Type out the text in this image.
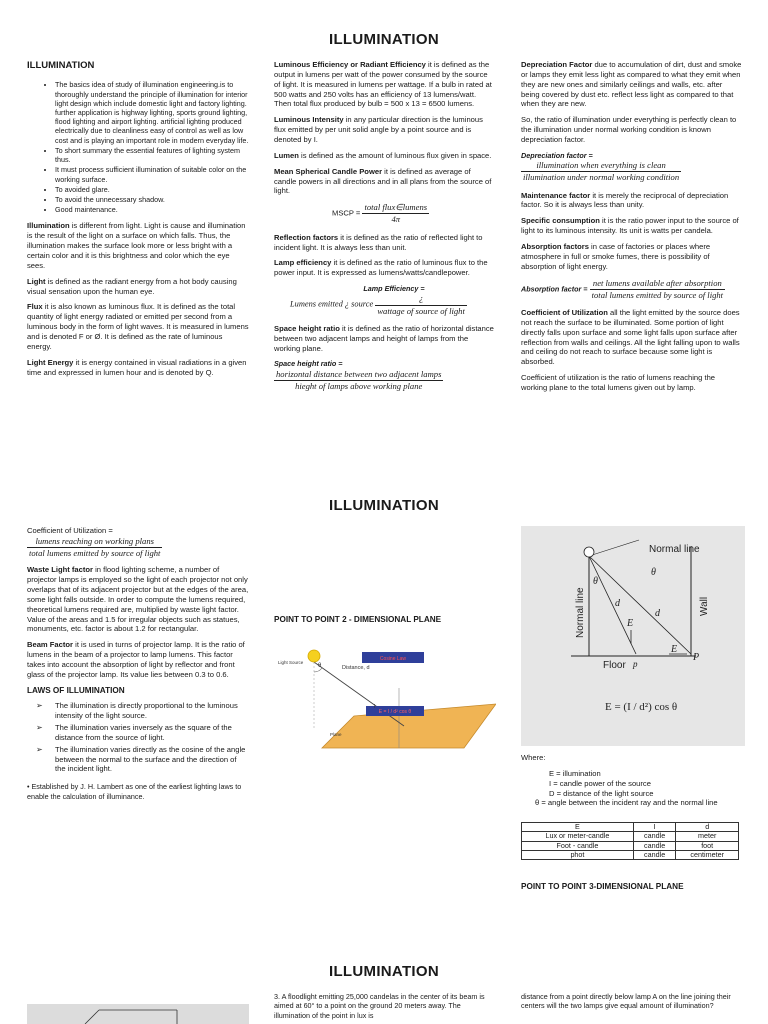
ILLUMINATION
ILLUMINATION
• The basics idea of study of illumination engineering.is to thoroughly understand the principle of illumination for interior light design which include domestic light and factory lighting. further application is highway lighting, sports ground lighting, flood lighting and airport lighting. artificial lighting produced electrically due to cleanliness easy of control as well as low cost and is playing an important role in modern everyday life.
• To short summary the essential features of lighting system thus.
• It must process sufficient illumination of suitable color on the working surface.
• To avoided glare.
• To avoid the unnecessary shadow.
• Good maintenance.

Illumination is different from light. Light is cause and illumination is the result of the light on a surface on which falls. Thus, the illumination makes the surface look more or less bright with a certain color and it is this brightness and color which the eye sees.

Light is defined as the radiant energy from a hot body causing visual sensation upon the human eye.

Flux it is also known as luminous flux. It is defined as the total quantity of light energy radiated or emitted per second from a luminous body in the form of light waves. It is measured in lumens and is denoted F or Ø. It is defined as the rate of luminous energy.

Light Energy it is energy contained in visual radiations in a given time and expressed in lumen hour and is denoted by Q.

Luminous Efficiency or Radiant Efficiency it is defined as the output in lumens per watt of the power consumed by the source of light. It is measured in lumens per wattage. If a bulb in rated at 500 watts and 250 volts has an efficiency of 13 lumens/watt. Then total flux produced by bulb = 500 x 13 = 6500 lumens.

Luminous Intensity in any particular direction is the luminous flux emitted by per unit solid angle by a point source and is denoted by I.

Lumen is defined as the amount of luminous flux given in space.

Mean Spherical Candle Power it is defined as average of candle powers in all directions and in all plans from the source of light.

MSCP = $\frac{\text{total flux∈lumens}}{4\pi}$

Reflection factors it is defined as the ratio of reflected light to incident light. It is always less than unit.

Lamp efficiency it is defined as the ratio of luminous flux to the power input. It is expressed as lumens/watts/candlepower.

Lamp Efficiency =
Lumens emitted ¿ source $\frac{¿}{\text{wattage of source of light}}$

Space height ratio it is defined as the ratio of horizontal distance between two adjacent lamps and height of lamps from the working plane.

Space height ratio =
$\frac{\text{horizontal distance between two adjacent lamps}}{\text{hieght of lamps above working plane}}$

Depreciation Factor due to accumulation of dirt, dust and smoke or lamps they emit less light as compared to what they emit when they are new ones and similarly ceilings and walls, etc. after being covered by dust etc. reflect less light as compared to that when they are new.

So, the ratio of illumination under everything is perfectly clean to the illumination under normal working condition is known depreciation factor.

Depreciation factor =
$\frac{\text{illumination when everything is clean}}{\text{illumination under normal working condition}}$

Maintenance factor it is merely the reciprocal of depreciation factor. So it is always less than unity.

Specific consumption it is the ratio power input to the source of light to its luminous intensity. Its unit is watts per candela.

Absorption factors in case of factories or places where atmosphere in full or smoke fumes, there is possibility of absorption of light energy.

Absorption factor = $\frac{\text{net lumens available after absorption}}{\text{total lumens emitted by source of light}}$

Coefficient of Utilization all the light emitted by the source does not reach the surface to be illuminated. Some portion of light directly falls upon surface and some light falls upon surface after reflection from walls and ceilings. All the light falling upon to walls and ceiling do not reach to surface because some light is absorbed.

Coefficient of utilization is the ratio of lumens reaching the working plane to the total lumens given out by lamp.

ILLUMINATION
Coefficient of Utilization =
$\frac{\text{lumens reaching on working plans}}{\text{total lumens emitted by source of light}}$

Waste Light factor in flood lighting scheme, a number of projector lamps is employed so the light of each projector not only overlaps that of its adjacent projector but at the edges of the area, some light falls outside. In order to compute the lumens required, theoretical lumens required are, multiplied by waste light factor. Value of the areas and 1.5 for irregular objects such as statues, monuments, etc. factor is about 1.2 for rectangular.

Beam Factor it is used in turns of projector lamp. It is the ratio of lumens in the beam of a projector to lamp lumens. This factor takes into account the absorption of light by reflector and front glass of the projector lamp. Its value lies between 0.3 to 0.6.

LAWS OF ILLUMINATION
➢ The illumination is directly proportional to the luminous intensity of the light source.
➢ The illumination varies inversely as the square of the distance from the source of light.
➢ The illumination varies directly as the cosine of the angle between the normal to the surface and the direction of the incident light.

• Established by J. H. Lambert as one of the earliest lighting laws to enable the calculation of illuminance.

POINT TO POINT 2 - DIMENSIONAL PLANE
Light Source
θ	Distance, d
Cosine Law
E = I / d² cos θ
I
Plane
Normal line
Normal line	Wall
Floor
θ
θ
d
d
E
E
P
p
E = (I / d²) cos θ
Where:
E = illumination
I = candle power of the source
D = distance of the light source
θ = angle between the incident ray and the normal line
E	I	d
Lux or meter-candle	candle	meter
Foot - candle	candle	foot
phot	candle	centimeter
POINT TO POINT 3-DIMENSIONAL PLANE
ILLUMINATION

3. A floodlight emitting 25,000 candelas in the center of its beam is aimed at 60° to a point on the ground 20 meters away. The illumination of the point in lux is

distance from a point directly below lamp A on the line joining their centers will the two lamps give equal amount of illumination?
